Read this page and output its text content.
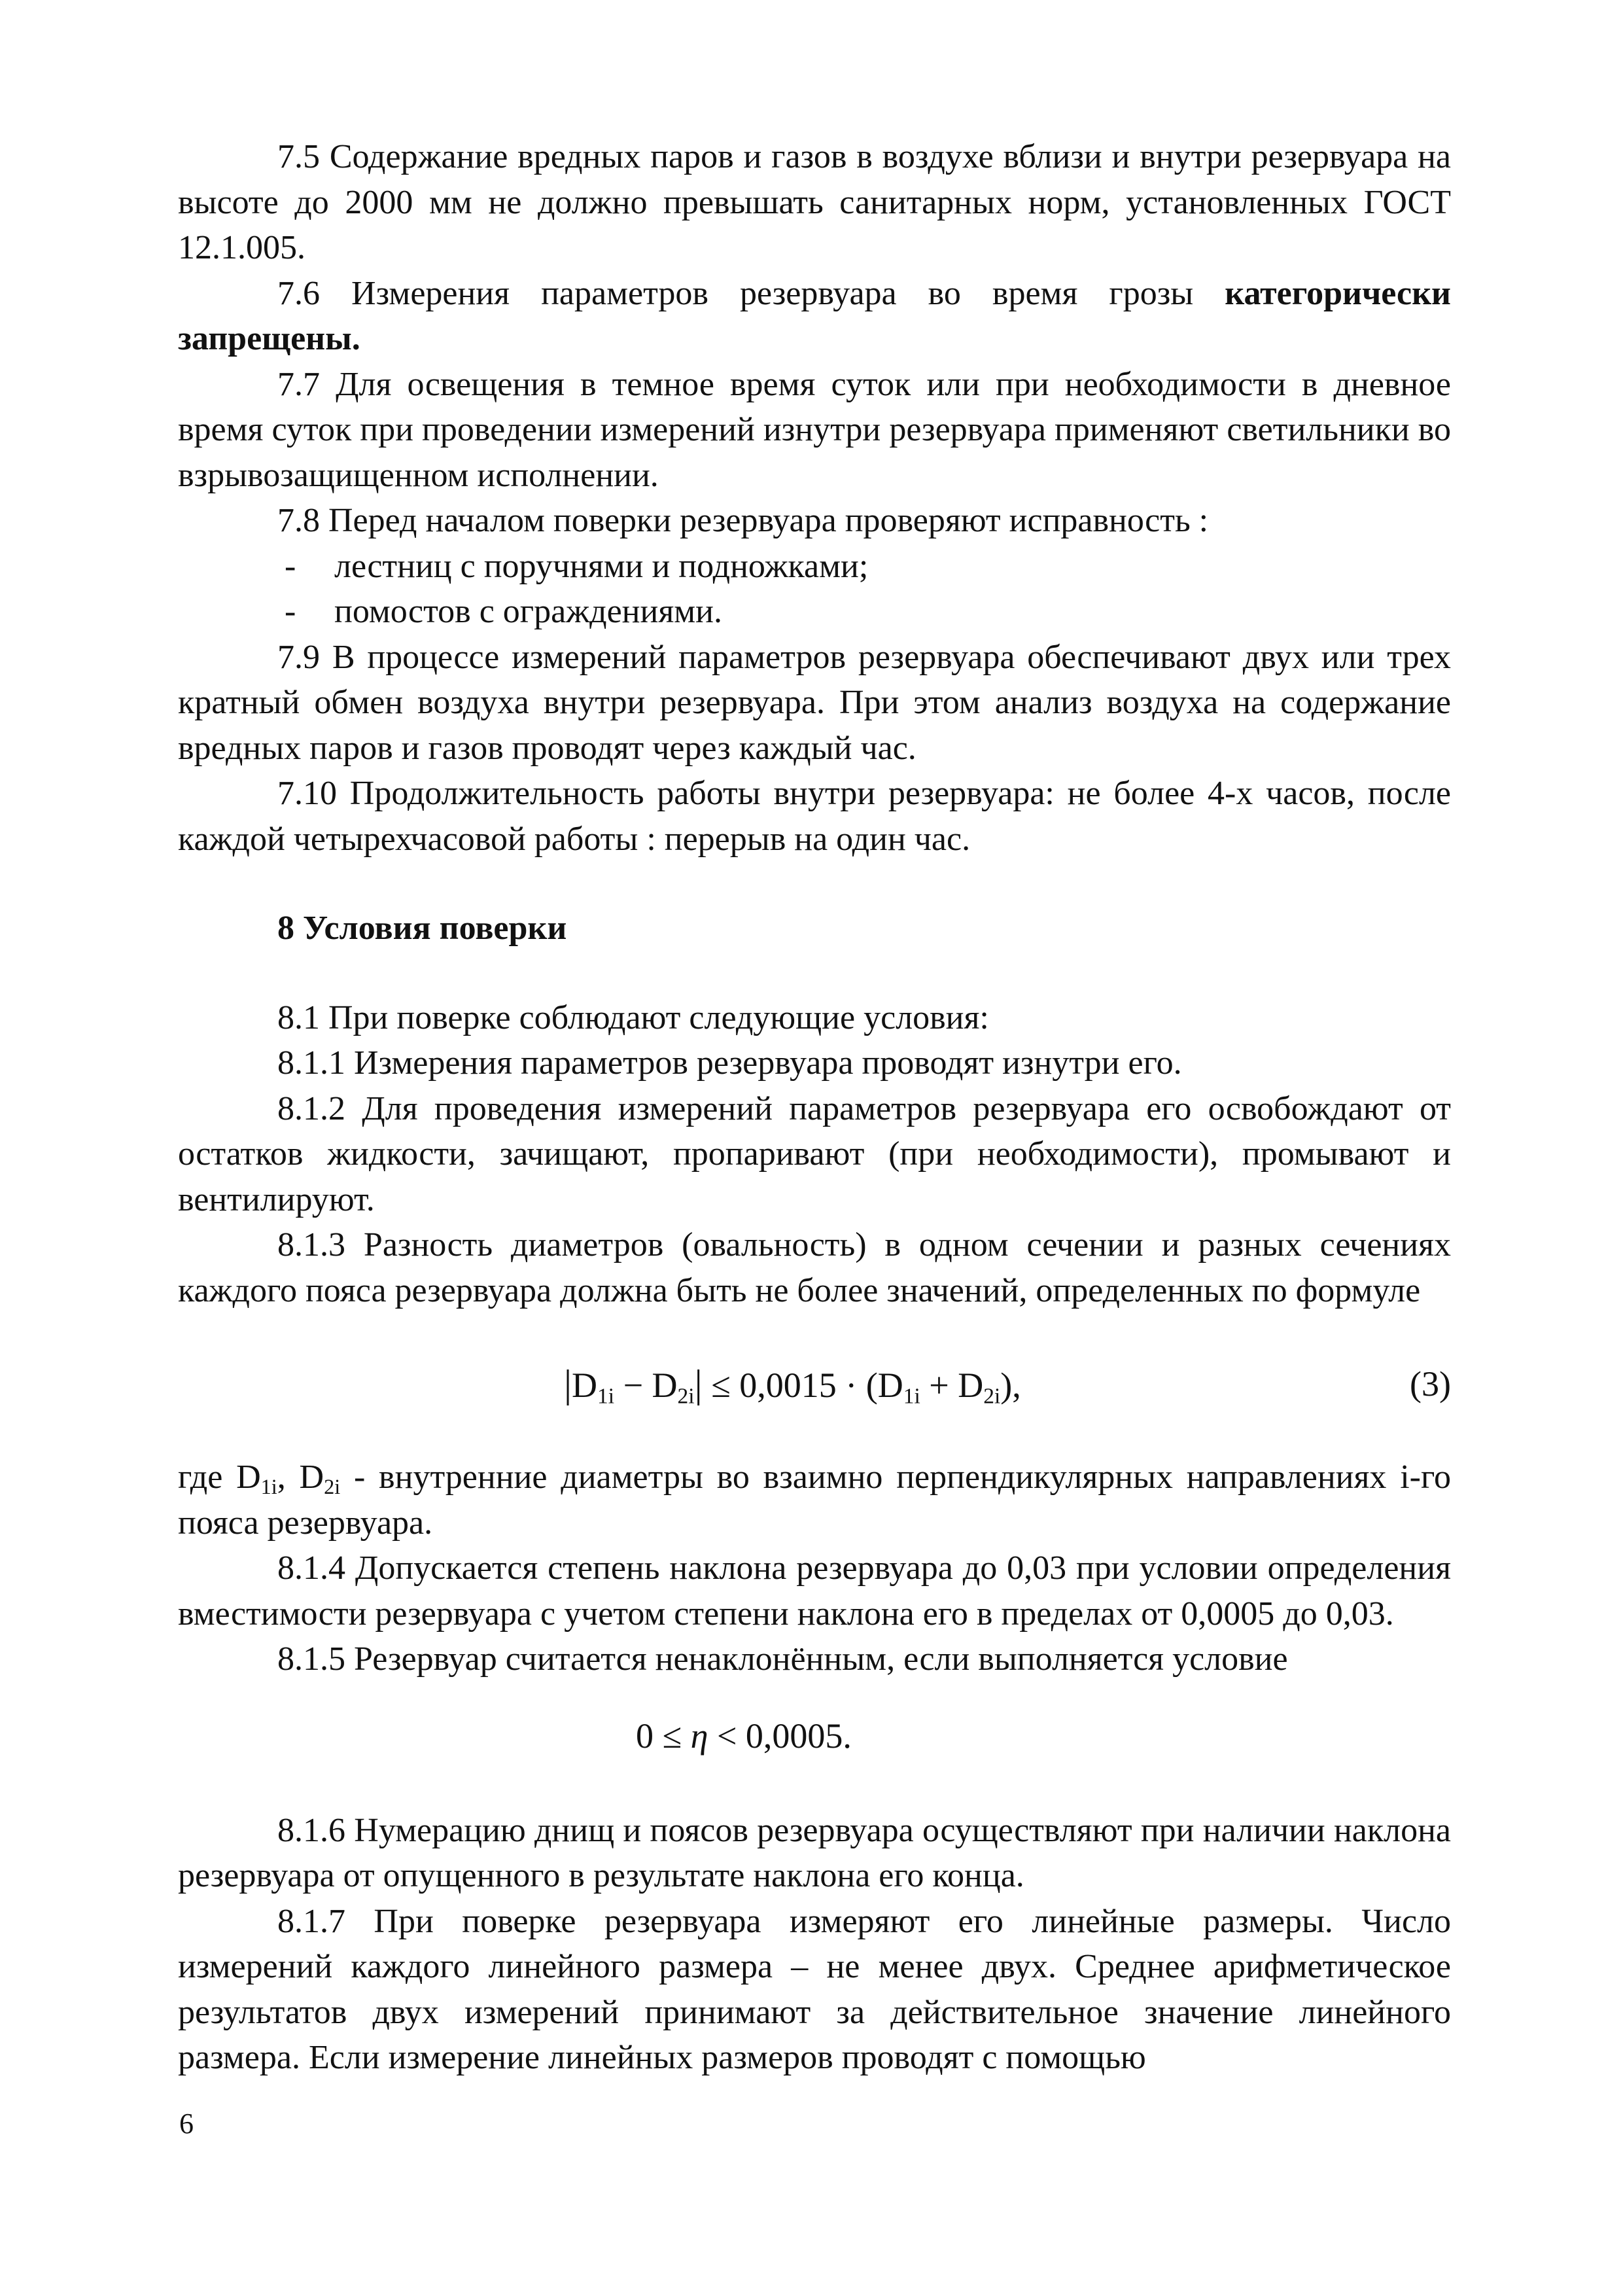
7.5 Содержание вредных паров и газов в воздухе вблизи и внутри резервуара на высоте до 2000 мм не должно превышать санитарных норм, установленных ГОСТ 12.1.005.

7.6 Измерения параметров резервуара во время грозы категорически запрещены.

7.7 Для освещения в темное время суток или при необходимости в дневное время суток при проведении измерений изнутри резервуара применяют светильники во взрывозащищенном исполнении.

7.8 Перед началом поверки резервуара проверяют исправность :

- лестниц с поручнями и подножками;

- помостов с ограждениями.

7.9 В процессе измерений параметров резервуара обеспечивают двух или трех кратный обмен воздуха внутри резервуара. При этом анализ воздуха на содержание вредных паров и газов проводят через каждый час.

7.10 Продолжительность работы внутри резервуара: не более 4-х часов, после каждой четырехчасовой работы : перерыв на один час.

8 Условия поверки

8.1 При поверке соблюдают следующие условия:

8.1.1 Измерения параметров резервуара проводят изнутри его.

8.1.2 Для проведения измерений параметров резервуара его освобождают от остатков жидкости, зачищают, пропаривают (при необходимости), промывают и вентилируют.

8.1.3 Разность диаметров (овальность) в одном сечении и разных сечениях каждого пояса резервуара должна быть не более значений, определенных по формуле

$|D_{1i} - D_{2i}| \le 0,0015 \cdot (D_{1i} + D_{2i})$,	(3)

где $D_{1i}$, $D_{2i}$ - внутренние диаметры во взаимно перпендикулярных направлениях i-го пояса резервуара.

8.1.4 Допускается степень наклона резервуара до 0,03 при условии определения вместимости резервуара с учетом степени наклона его в пределах от 0,0005 до 0,03.

8.1.5 Резервуар считается ненаклонённым, если выполняется условие

0 ≤ η < 0,0005.

8.1.6 Нумерацию днищ и поясов резервуара осуществляют при наличии наклона резервуара от опущенного в результате наклона его конца.

8.1.7 При поверке резервуара измеряют его линейные размеры. Число измерений каждого линейного размера – не менее двух. Среднее арифметическое результатов двух измерений принимают за действительное значение линейного размера. Если измерение линейных размеров проводят с помощью

6
